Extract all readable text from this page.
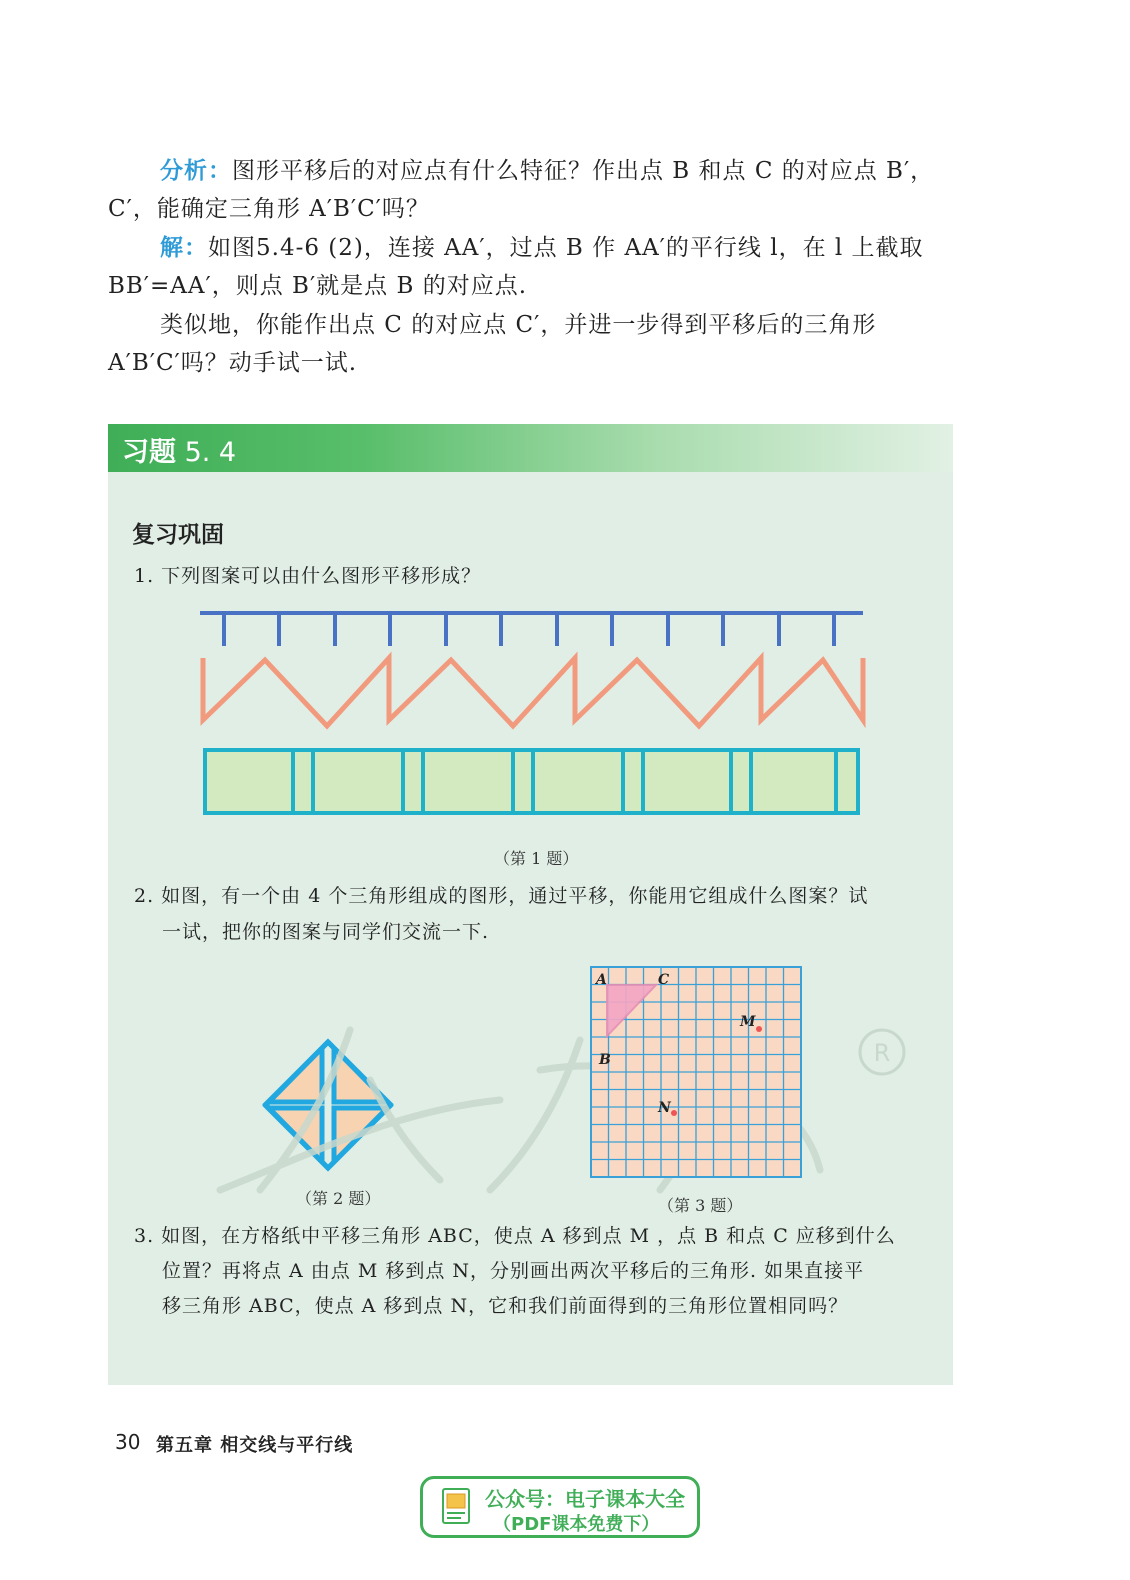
分析：图形平移后的对应点有什么特征？作出点 B 和点 C 的对应点 B′，
C′，能确定三角形 A′B′C′吗？
解：如图5.4-6 (2)，连接 AA′，过点 B 作 AA′的平行线 l，在 l 上截取
BB′=AA′，则点 B′就是点 B 的对应点.
类似地，你能作出点 C 的对应点 C′，并进一步得到平移后的三角形
A′B′C′吗？动手试一试.
习题 5. 4
复习巩固
1. 下列图案可以由什么图形平移形成？
（第 1 题）
2. 如图，有一个由 4 个三角形组成的图形，通过平移，你能用它组成什么图案？试
一试，把你的图案与同学们交流一下.
（第 2 题）
R
A	C
B
M
N
（第 3 题）
3. 如图，在方格纸中平移三角形 ABC，使点 A 移到点 M ，点 B 和点 C 应移到什么
位置？再将点 A 由点 M 移到点 N，分别画出两次平移后的三角形. 如果直接平
移三角形 ABC，使点 A 移到点 N，它和我们前面得到的三角形位置相同吗？
30 第五章 相交线与平行线
公众号：电子课本大全
（PDF课本免费下）
